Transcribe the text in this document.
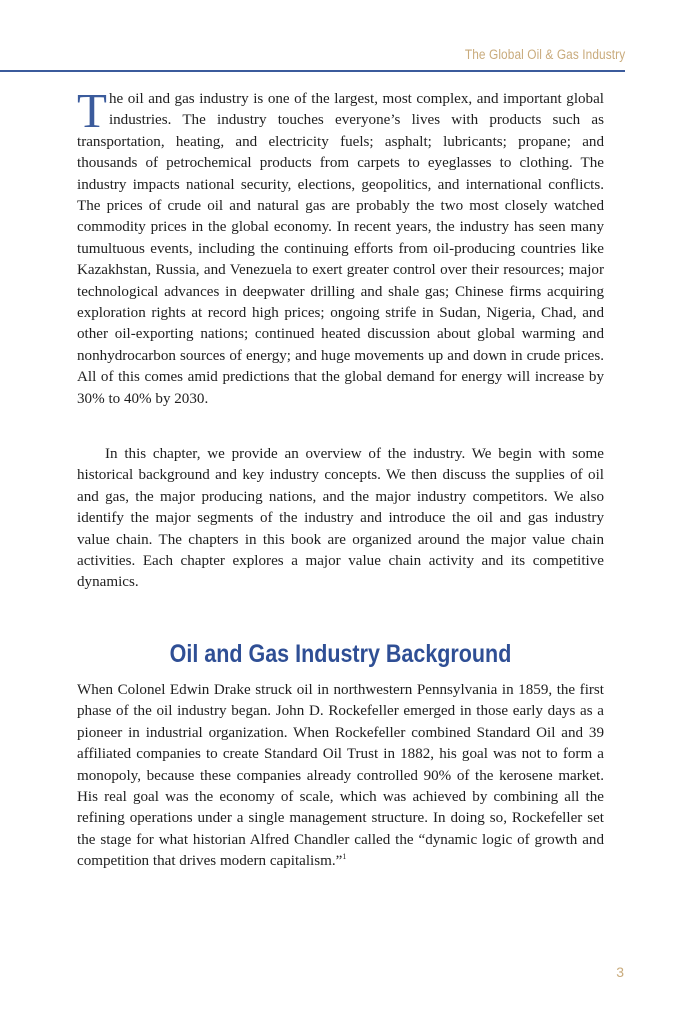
The Global Oil & Gas Industry

The oil and gas industry is one of the largest, most complex, and important global industries. The industry touches everyone’s lives with products such as transportation, heating, and electricity fuels; asphalt; lubricants; propane; and thousands of petrochemical products from carpets to eyeglasses to clothing. The industry impacts national security, elections, geopolitics, and international conflicts. The prices of crude oil and natural gas are probably the two most closely watched commodity prices in the global economy. In recent years, the industry has seen many tumultuous events, including the continuing efforts from oil-producing countries like Kazakhstan, Russia, and Venezuela to exert greater control over their resources; major technological advances in deepwater drilling and shale gas; Chinese firms acquiring exploration rights at record high prices; ongoing strife in Sudan, Nigeria, Chad, and other oil-exporting nations; continued heated discussion about global warming and nonhydrocarbon sources of energy; and huge movements up and down in crude prices. All of this comes amid predictions that the global demand for energy will increase by 30% to 40% by 2030.

In this chapter, we provide an overview of the industry. We begin with some historical background and key industry concepts. We then discuss the supplies of oil and gas, the major producing nations, and the major industry competitors. We also identify the major segments of the industry and introduce the oil and gas industry value chain. The chapters in this book are organized around the major value chain activities. Each chapter explores a major value chain activity and its competitive dynamics.

Oil and Gas Industry Background

When Colonel Edwin Drake struck oil in northwestern Pennsylvania in 1859, the first phase of the oil industry began. John D. Rockefeller emerged in those early days as a pioneer in industrial organization. When Rockefeller combined Standard Oil and 39 affiliated companies to create Standard Oil Trust in 1882, his goal was not to form a monopoly, because these companies already controlled 90% of the kerosene market. His real goal was the economy of scale, which was achieved by combining all the refining operations under a single management structure. In doing so, Rockefeller set the stage for what historian Alfred Chandler called the “dynamic logic of growth and competition that drives modern capitalism.”$^1$

3
